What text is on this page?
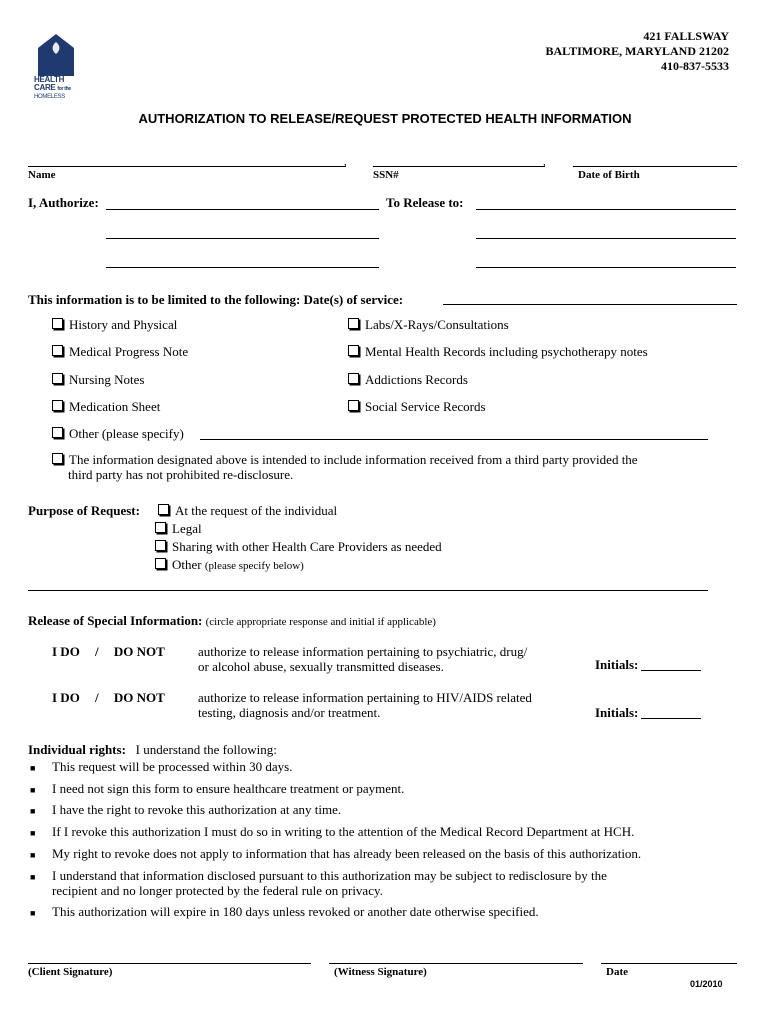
HEALTH
CARE for the
HOMELESS
421 FALLSWAY
BALTIMORE, MARYLAND 21202
410-837-5533
AUTHORIZATION TO RELEASE/REQUEST PROTECTED HEALTH INFORMATION
,
Name
,
SSN#	Date of Birth
I, Authorize:	To Release to:
This information is to be limited to the following: Date(s) of service:
History and Physical	Labs/X-Rays/Consultations
Medical Progress Note	Mental Health Records including psychotherapy notes
Nursing Notes	Addictions Records
Medication Sheet	Social Service Records
Other (please specify)
The information designated above is intended to include information received from a third party provided the
third party has not prohibited re-disclosure.
Purpose of Request:	At the request of the individual
Legal
Sharing with other Health Care Providers as needed
Other (please specify below)
Release of Special Information: (circle appropriate response and initial if applicable)
I DO / DO NOT	authorize to release information pertaining to psychiatric, drug/
or alcohol abuse, sexually transmitted diseases.	Initials:
I DO / DO NOT	authorize to release information pertaining to HIV/AIDS related
testing, diagnosis and/or treatment.	Initials:
Individual rights: I understand the following:
■ This request will be processed within 30 days.
■ I need not sign this form to ensure healthcare treatment or payment.
■ I have the right to revoke this authorization at any time.
■ If I revoke this authorization I must do so in writing to the attention of the Medical Record Department at HCH.
■ My right to revoke does not apply to information that has already been released on the basis of this authorization.
■ I understand that information disclosed pursuant to this authorization may be subject to redisclosure by the
recipient and no longer protected by the federal rule on privacy.
■ This authorization will expire in 180 days unless revoked or another date otherwise specified.
(Client Signature)	(Witness Signature)	Date
01/2010
